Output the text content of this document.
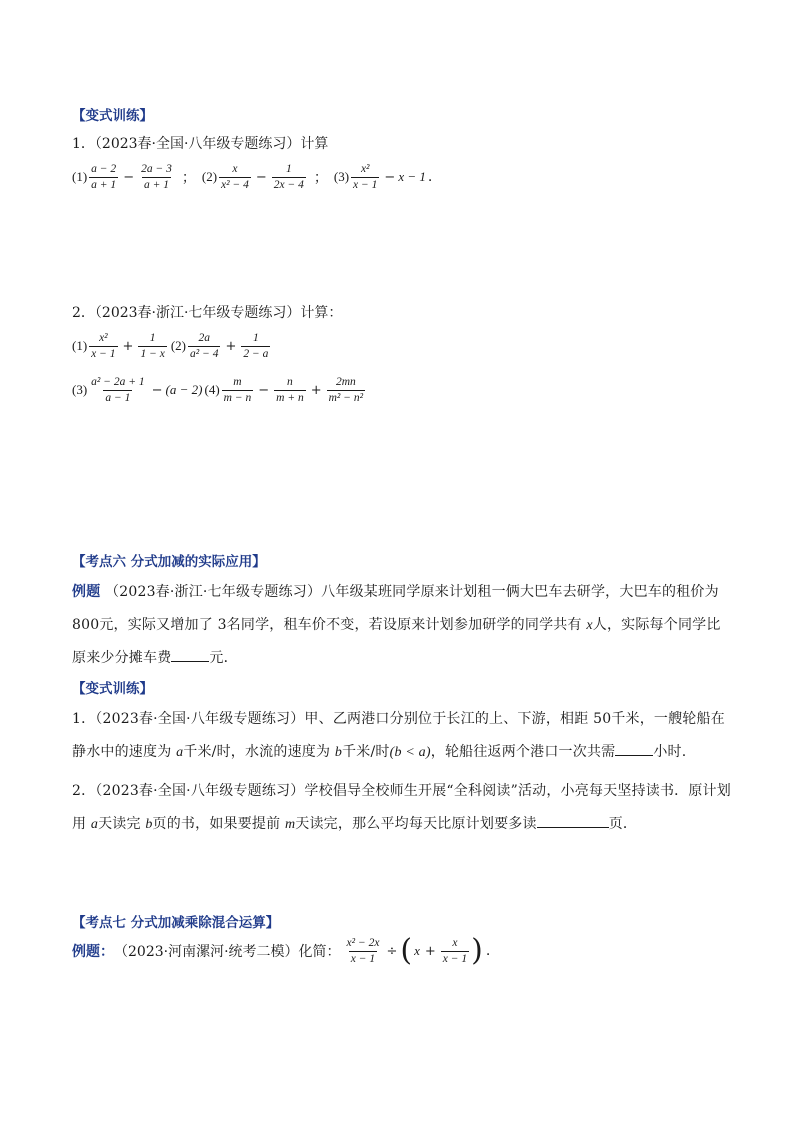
【变式训练】
1．（2023春·全国·八年级专题练习）计算
$(1) \frac{a - 2}{a + 1} - \frac{2a - 3}{a + 1}$ ； $(2) \frac{x}{\text{x² − 4}} - \frac{1}{2x - 4}$ ； $(3) \frac{\text{x²}}{x - 1} - x - 1$ .
2．（2023春·浙江·七年级专题练习）计算：
$(1) \frac{\text{x²}}{x - 1} + \frac{1}{1 - x} (2) \frac{2a}{\text{a² − 4}} + \frac{1}{2 - a}$
$(3) \frac{\text{a² − 2a + 1}}{a - 1} - (a - 2)$ $(4) \frac{m}{m - n} - \frac{n}{m + n} + \frac{2mn}{\text{m² − n²}}$
【考点六 分式加减的实际应用】
例题 （2023春·浙江·七年级专题练习）八年级某班同学原来计划租一俩大巴车去研学，大巴车的租价为 800元，实际又增加了 3名同学，租车价不变，若设原来计划参加研学的同学共有 x人，实际每个同学比原来少分摊车费	元．
【变式训练】
1．（2023春·全国·八年级专题练习）甲、乙两港口分别位于长江的上、下游，相距 50千米，一艘轮船在静水中的速度为 a千米/时，水流的速度为 b千米/时(b < a)，轮船往返两个港口一次共需	小时.
2．（2023春·全国·八年级专题练习）学校倡导全校师生开展“全科阅读”活动，小亮每天坚持读书．原计划用 a天读完 b页的书，如果要提前 m天读完，那么平均每天比原计划要多读	页．
【考点七 分式加减乘除混合运算】
例题： （2023·河南漯河·统考二模）化简： $\frac{\text{x² − 2x}}{x - 1}$ ÷ ( $x + \frac{x}{x - 1}$ ) .
